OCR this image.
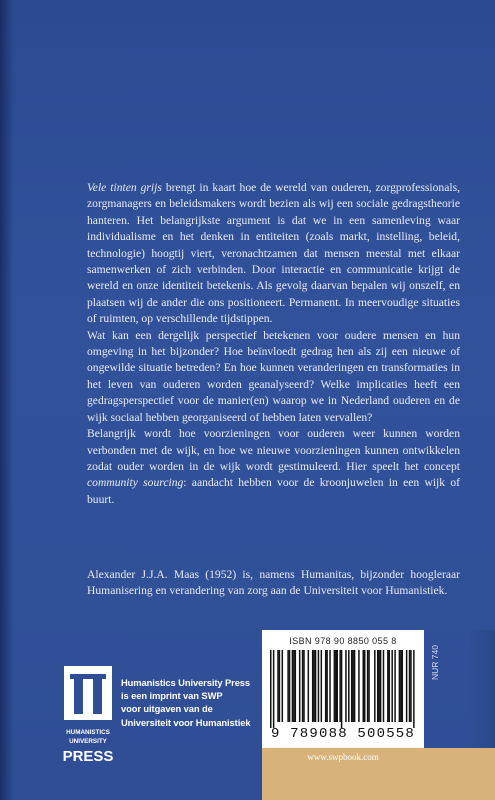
Vele tinten grijs brengt in kaart hoe de wereld van ouderen, zorgprofessionals, zorgmanagers en beleidsmakers wordt bezien als wij een sociale gedragstheorie hanteren. Het belangrijkste argument is dat we in een samenleving waar individualisme en het denken in entiteiten (zoals markt, instelling, beleid, technologie) hoogtij viert, veronachtzamen dat mensen meestal met elkaar samenwerken of zich verbinden. Door interactie en communicatie krijgt de wereld en onze identiteit betekenis. Als gevolg daarvan bepalen wij onszelf, en plaatsen wij de ander die ons positioneert. Permanent. In meervoudige situaties of ruimten, op verschillende tijdstippen.

Wat kan een dergelijk perspectief betekenen voor oudere mensen en hun omgeving in het bijzonder? Hoe beïnvloedt gedrag hen als zij een nieuwe of ongewilde situatie betreden? En hoe kunnen veranderingen en transformaties in het leven van ouderen worden geanalyseerd? Welke implicaties heeft een gedragsperspectief voor de manier(en) waarop we in Nederland ouderen en de wijk sociaal hebben georganiseerd of hebben laten vervallen?

Belangrijk wordt hoe voorzieningen voor ouderen weer kunnen worden verbonden met de wijk, en hoe we nieuwe voorzieningen kunnen ontwikkelen zodat ouder worden in de wijk wordt gestimuleerd. Hier speelt het concept community sourcing: aandacht hebben voor de kroonjuwelen in een wijk of buurt.

Alexander J.J.A. Maas (1952) is, namens Humanitas, bijzonder hoogleraar Humanisering en verandering van zorg aan de Universiteit voor Humanistiek.

HUMANISTICS
UNIVERSITY
PRESS
Humanistics University Press
is een imprint van SWP
voor uitgaven van de
Universiteit voor Humanistiek
ISBN 978 90 8850 055 8
9 789088 500558
NUR 740
www.swpbook.com
